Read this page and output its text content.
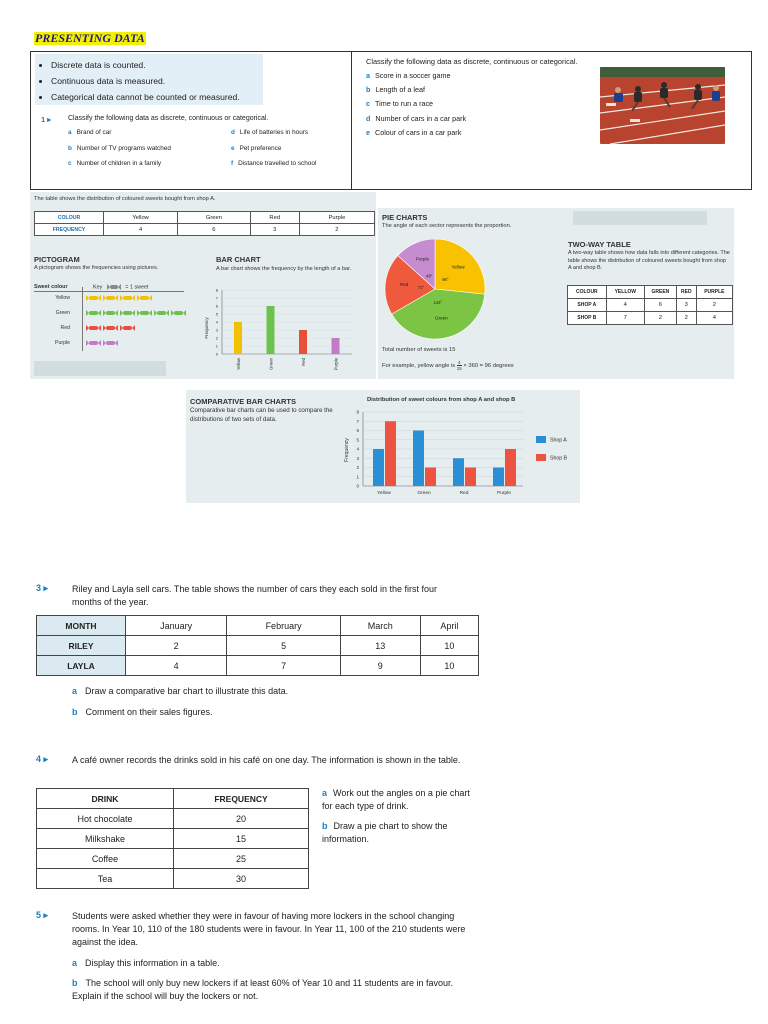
PRESENTING DATA
• Discrete data is counted.
• Continuous data is measured.
• Categorical data cannot be counted or measured.
1 ▸ Classify the following data as discrete, continuous or categorical.
a Brand of car
b Number of TV programs watched
c Number of children in a family
d Life of batteries in hours
e Pet preference
f Distance travelled to school
Classify the following data as discrete, continuous or categorical.
a Score in a soccer game
b Length of a leaf
c Time to run a race
d Number of cars in a car park
e Colour of cars in a car park
The table shows the distribution of coloured sweets bought from shop A.
COLOUR	Yellow	Green	Red	Purple
FREQUENCY	4	6	3	2
PICTOGRAM
A pictogram shows the frequencies using pictures.
Sweet colour	Key	= 1 sweet
Yellow
Green
Red
Purple
BAR CHART
A bar chart shows the frequency by the length of a bar.
0
1
2
3
4
5
6
7
8
Frequency
Yellow	Green	Red	Purple
PIE CHARTS
The angle of each sector represents the proportion.
Yellow
96°
Green
144°
Red
72°
Purple
48°
Total number of sweets is 15
For example, yellow angle is $\frac{4}{15} \times 360 = 96$ degrees
TWO-WAY TABLE
A two-way table shows how data falls into different categories. The table shows the distribution of coloured sweets bought from shop A and shop B.
COLOUR	YELLOW	GREEN	RED	PURPLE
SHOP A	4	6	3	2
SHOP B	7	2	2	4
COMPARATIVE BAR CHARTS
Comparative bar charts can be used to compare the distributions of two sets of data.
Distribution of sweet colours from shop A and shop B
0
1
2
3
4
5
6
7
8
Frequency
Yellow	Green	Red	Purple
Shop A
Shop B
3 ▸	Riley and Layla sell cars. The table shows the number of cars they each sold in the first four months of the year.
MONTH	January	February	March	April
RILEY	2	5	13	10
LAYLA	4	7	9	10
a Draw a comparative bar chart to illustrate this data.
b Comment on their sales figures.
4 ▸	A café owner records the drinks sold in his café on one day. The information is shown in the table.
DRINK	FREQUENCY
Hot chocolate	20
Milkshake	15
Coffee	25
Tea	30
a Work out the angles on a pie chart for each type of drink.
b Draw a pie chart to show the information.
5 ▸	Students were asked whether they were in favour of having more lockers in the school changing rooms. In Year 10, 110 of the 180 students were in favour. In Year 11, 100 of the 210 students were against the idea.
a Display this information in a table.
b The school will only buy new lockers if at least 60% of Year 10 and 11 students are in favour. Explain if the school will buy the lockers or not.
